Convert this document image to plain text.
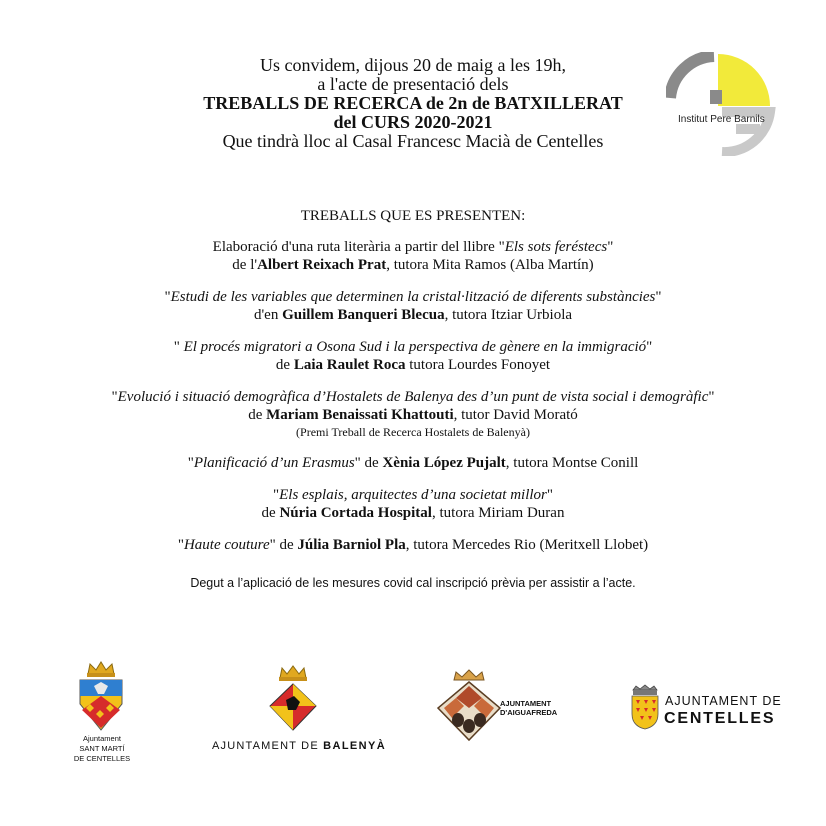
Us convidem, dijous 20 de maig a les 19h,
a l'acte de presentació dels
TREBALLS DE RECERCA de 2n de BATXILLERAT
del CURS 2020-2021
Que tindrà lloc al Casal Francesc Macià de Centelles
Institut Pere Barnils
TREBALLS QUE ES PRESENTEN:
Elaboració d'una ruta literària a partir del llibre "Els sots feréstecs"
de l'Albert Reixach Prat, tutora Mita Ramos (Alba Martín)
"Estudi de les variables que determinen la cristal·lització de diferents substàncies"
d'en Guillem Banqueri Blecua, tutora Itziar Urbiola
" El procés migratori a Osona Sud i la perspectiva de gènere en la immigració"
de Laia Raulet Roca tutora Lourdes Fonoyet
"Evolució i situació demogràfica d’Hostalets de Balenya des d’un punt de vista social i demogràfic"
de Mariam Benaissati Khattouti, tutor David Morató
(Premi Treball de Recerca Hostalets de Balenyà)
"Planificació d’un Erasmus" de Xènia López Pujalt, tutora Montse Conill
"Els esplais, arquitectes d’una societat millor"
de Núria Cortada Hospital, tutora Miriam Duran
"Haute couture" de Júlia Barniol Pla, tutora Mercedes Rio (Meritxell Llobet)
Degut a l’aplicació de les mesures covid cal inscripció prèvia per assistir a l’acte.
Ajuntament
SANT MARTÍ
DE CENTELLES
AJUNTAMENT DE BALENYÀ
AJUNTAMENT
D'AIGUAFREDA
AJUNTAMENT DE
CENTELLES
